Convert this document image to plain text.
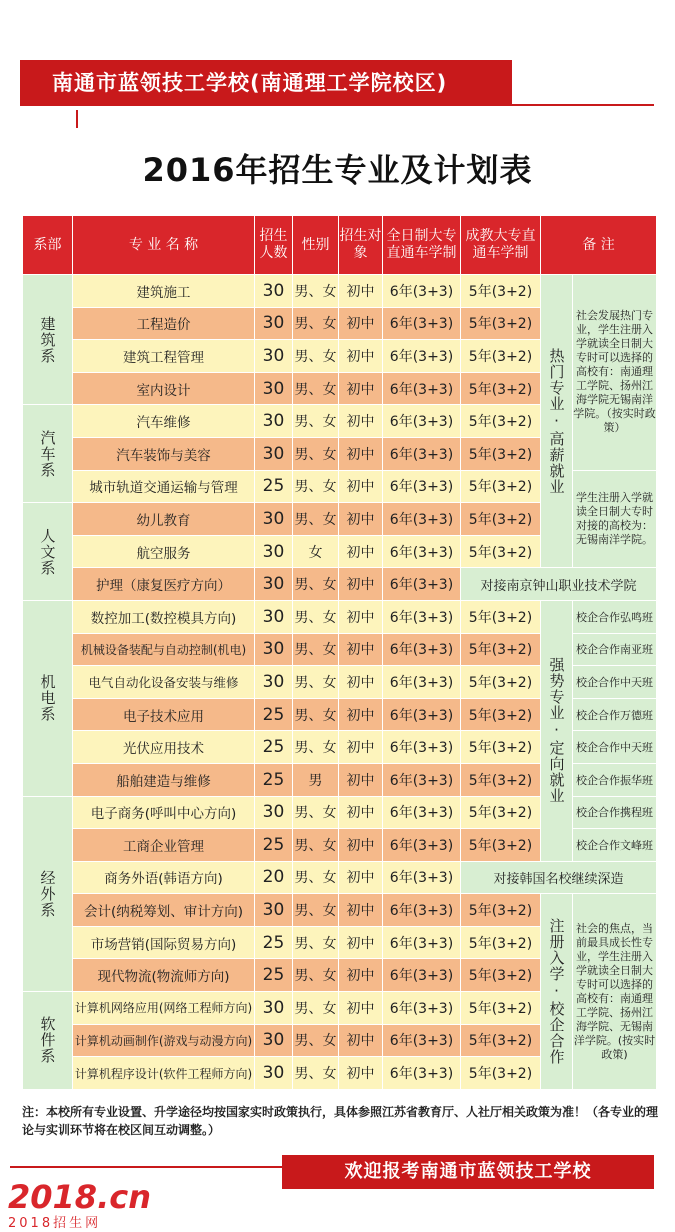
南通市蓝领技工学校(南通理工学院校区)
2016年招生专业及计划表
系部	专 业 名 称	招生人数	性别	招生对象	全日制大专直通车学制	成教大专直通车学制	备 注	

建筑系	建筑施工	30	男、女	初中	6年(3+3)	5年(3+2)	热门专业·高薪就业	社会发展热门专业，学生注册入学就读全日制大专时可以选择的高校有：南通理工学院、扬州江海学院无锡南洋学院。（按实时政策）
	工程造价	30	男、女	初中	6年(3+3)	5年(3+2)		
	建筑工程管理	30	男、女	初中	6年(3+3)	5年(3+2)		
	室内设计	30	男、女	初中	6年(3+3)	5年(3+2)		

汽车系	汽车维修	30	男、女	初中	6年(3+3)	5年(3+2)		
	汽车装饰与美容	30	男、女	初中	6年(3+3)	5年(3+2)		
	城市轨道交通运输与管理	25	男、女	初中	6年(3+3)	5年(3+2)		学生注册入学就读全日制大专时对接的高校为：无锡南洋学院。

人文系	幼儿教育	30	男、女	初中	6年(3+3)	5年(3+2)		
	航空服务	30	女	初中	6年(3+3)	5年(3+2)		
	护理（康复医疗方向）	30	男、女	初中	6年(3+3)	对接南京钟山职业技术学院		

机电系	数控加工(数控模具方向)	30	男、女	初中	6年(3+3)	5年(3+2)	强势专业·定向就业	校企合作弘鸣班
	机械设备装配与自动控制(机电)	30	男、女	初中	6年(3+3)	5年(3+2)		校企合作南亚班
	电气自动化设备安装与维修	30	男、女	初中	6年(3+3)	5年(3+2)		校企合作中天班
	电子技术应用	25	男、女	初中	6年(3+3)	5年(3+2)		校企合作万德班
	光伏应用技术	25	男、女	初中	6年(3+3)	5年(3+2)		校企合作中天班
	船舶建造与维修	25	男	初中	6年(3+3)	5年(3+2)		校企合作振华班

经外系	电子商务(呼叫中心方向)	30	男、女	初中	6年(3+3)	5年(3+2)		校企合作携程班
	工商企业管理	25	男、女	初中	6年(3+3)	5年(3+2)		校企合作文峰班
	商务外语(韩语方向)	20	男、女	初中	6年(3+3)	对接韩国名校继续深造		
	会计(纳税筹划、审计方向)	30	男、女	初中	6年(3+3)	5年(3+2)	注册入学·校企合作	社会的焦点，当前最具成长性专业，学生注册入学就读全日制大专时可以选择的高校有：南通理工学院、扬州江海学院、无锡南洋学院。(按实时政策)
	市场营销(国际贸易方向)	25	男、女	初中	6年(3+3)	5年(3+2)		
	现代物流(物流师方向)	25	男、女	初中	6年(3+3)	5年(3+2)		

软件系	计算机网络应用(网络工程师方向)	30	男、女	初中	6年(3+3)	5年(3+2)		
	计算机动画制作(游戏与动漫方向)	30	男、女	初中	6年(3+3)	5年(3+2)		
	计算机程序设计(软件工程师方向)	30	男、女	初中	6年(3+3)	5年(3+2)		
注：本校所有专业设置、升学途径均按国家实时政策执行，具体参照江苏省教育厅、人社厅相关政策为准！（各专业的理论与实训环节将在校区间互动调整。）
欢迎报考南通市蓝领技工学校
2018.cn
2018招生网
